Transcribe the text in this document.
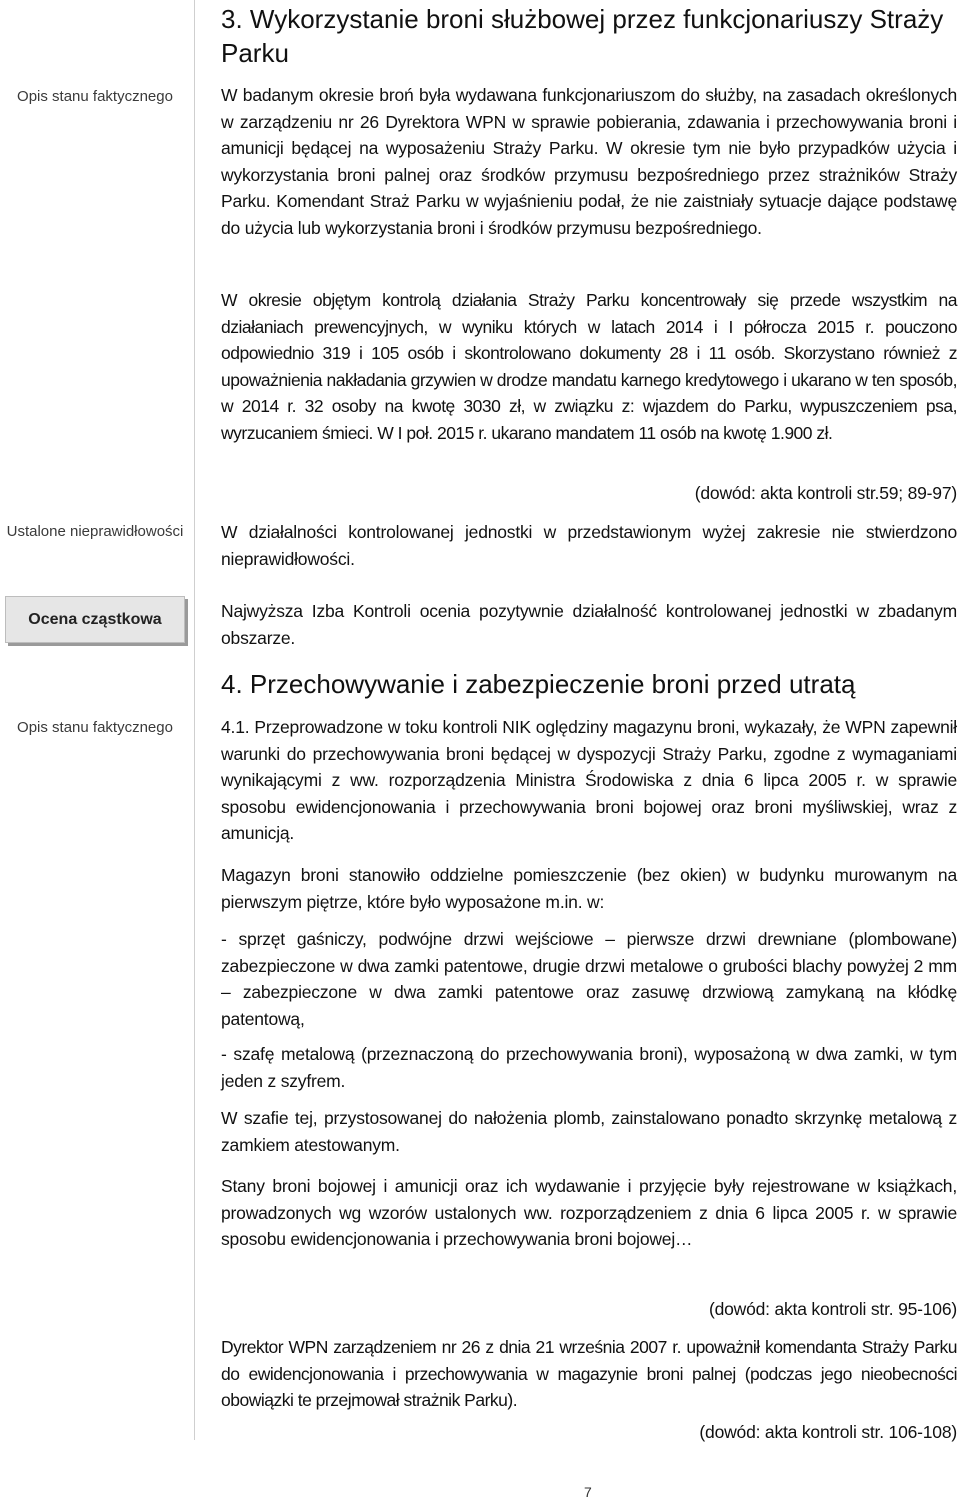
Opis stanu faktycznego
Ustalone nieprawidłowości
Ocena cząstkowa
Opis stanu faktycznego
3. Wykorzystanie broni służbowej przez funkcjonariuszy Straży Parku

W badanym okresie broń była wydawana funkcjonariuszom do służby, na zasadach określonych w zarządzeniu nr 26 Dyrektora WPN w sprawie pobierania, zdawania i przechowywania broni i amunicji będącej na wyposażeniu Straży Parku. W okresie tym nie było przypadków użycia i wykorzystania broni palnej oraz środków przymusu bezpośredniego przez strażników Straży Parku. Komendant Straż Parku w wyjaśnieniu podał, że nie zaistniały sytuacje dające podstawę do użycia lub wykorzystania broni i środków przymusu bezpośredniego.

W okresie objętym kontrolą działania Straży Parku koncentrowały się przede wszystkim na działaniach prewencyjnych, w wyniku których w latach 2014 i I półrocza 2015 r. pouczono odpowiednio 319 i 105 osób i skontrolowano dokumenty 28 i 11 osób. Skorzystano również z upoważnienia nakładania grzywien w drodze mandatu karnego kredytowego i ukarano w ten sposób, w 2014 r. 32 osoby na kwotę 3030 zł, w związku z: wjazdem do Parku, wypuszczeniem psa, wyrzucaniem śmieci. W I poł. 2015 r. ukarano mandatem 11 osób na kwotę 1.900 zł.

(dowód: akta kontroli str.59; 89-97)

W działalności kontrolowanej jednostki w przedstawionym wyżej zakresie nie stwierdzono nieprawidłowości.

Najwyższa Izba Kontroli ocenia pozytywnie działalność kontrolowanej jednostki w zbadanym obszarze.

4. Przechowywanie i zabezpieczenie broni przed utratą

4.1. Przeprowadzone w toku kontroli NIK oględziny magazynu broni, wykazały, że WPN zapewnił warunki do przechowywania broni będącej w dyspozycji Straży Parku, zgodne z wymaganiami wynikającymi z ww. rozporządzenia Ministra Środowiska z dnia 6 lipca 2005 r. w sprawie sposobu ewidencjonowania i przechowywania broni bojowej oraz broni myśliwskiej, wraz z amunicją.

Magazyn broni stanowiło oddzielne pomieszczenie (bez okien) w budynku murowanym na pierwszym piętrze, które było wyposażone m.in. w:

- sprzęt gaśniczy, podwójne drzwi wejściowe – pierwsze drzwi drewniane (plombowane) zabezpieczone w dwa zamki patentowe, drugie drzwi metalowe o grubości blachy powyżej 2 mm – zabezpieczone w dwa zamki patentowe oraz zasuwę drzwiową zamykaną na kłódkę patentową,

- szafę metalową (przeznaczoną do przechowywania broni), wyposażoną w dwa zamki, w tym jeden z szyfrem.

W szafie tej, przystosowanej do nałożenia plomb, zainstalowano ponadto skrzynkę metalową z zamkiem atestowanym.

Stany broni bojowej i amunicji oraz ich wydawanie i przyjęcie były rejestrowane w książkach, prowadzonych wg wzorów ustalonych ww. rozporządzeniem z dnia 6 lipca 2005 r. w sprawie sposobu ewidencjonowania i przechowywania broni bojowej…

(dowód: akta kontroli str. 95-106)

Dyrektor WPN zarządzeniem nr 26 z dnia 21 września 2007 r. upoważnił komendanta Straży Parku do ewidencjonowania i przechowywania w magazynie broni palnej (podczas jego nieobecności obowiązki te przejmował strażnik Parku).

(dowód: akta kontroli str. 106-108)

7
